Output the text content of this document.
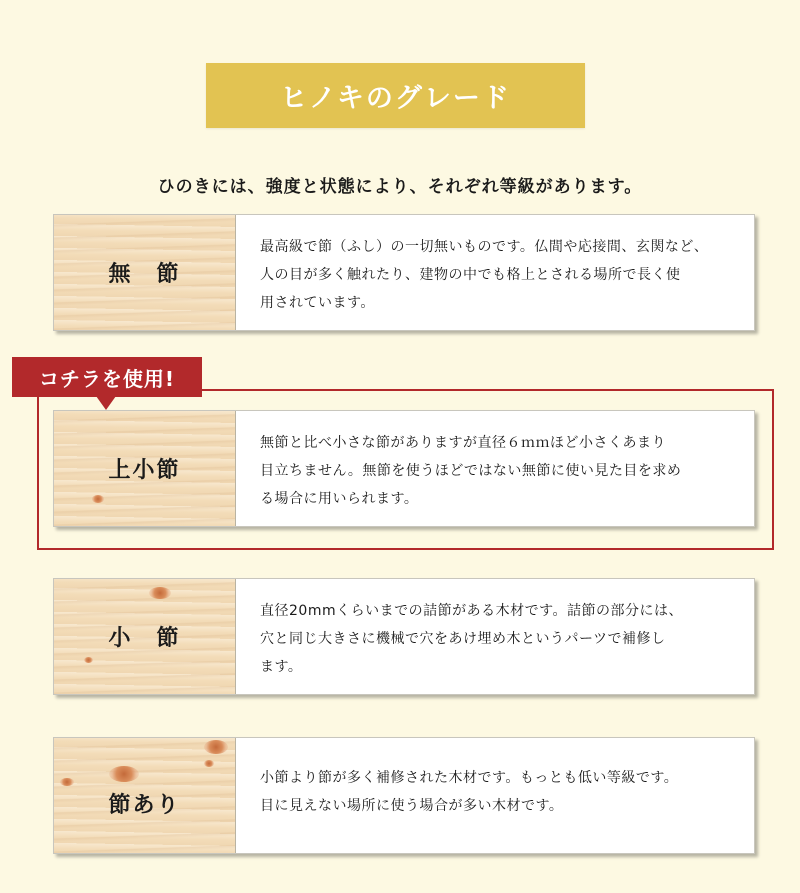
ヒノキのグレード
ひのきには、強度と状態により、それぞれ等級があります。
無　節
最高級で節（ふし）の一切無いものです。仏間や応接間、玄関など、
人の目が多く触れたり、建物の中でも格上とされる場所で長く使
用されています。
上小節
無節と比べ小さな節がありますが直径６ｍｍほど小さくあまり
目立ちません。無節を使うほどではない無節に使い見た目を求め
る場合に用いられます。
コチラを使用!
小　節
直径20mmくらいまでの詰節がある木材です。詰節の部分には、
穴と同じ大きさに機械で穴をあけ埋め木というパーツで補修し
ます。
節あり
小節より節が多く補修された木材です。もっとも低い等級です。
目に見えない場所に使う場合が多い木材です。
